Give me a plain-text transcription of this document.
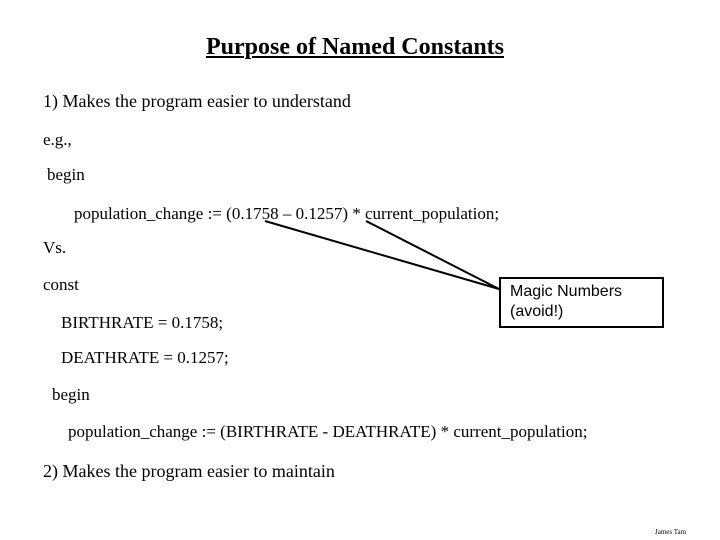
Purpose of Named Constants
1) Makes the program easier to understand
e.g.,
begin
population_change := (0.1758 – 0.1257) * current_population;
Vs.
const
BIRTHRATE = 0.1758;
DEATHRATE = 0.1257;
begin
population_change := (BIRTHRATE - DEATHRATE) * current_population;
2) Makes the program easier to maintain
Magic Numbers
(avoid!)
James Tam
